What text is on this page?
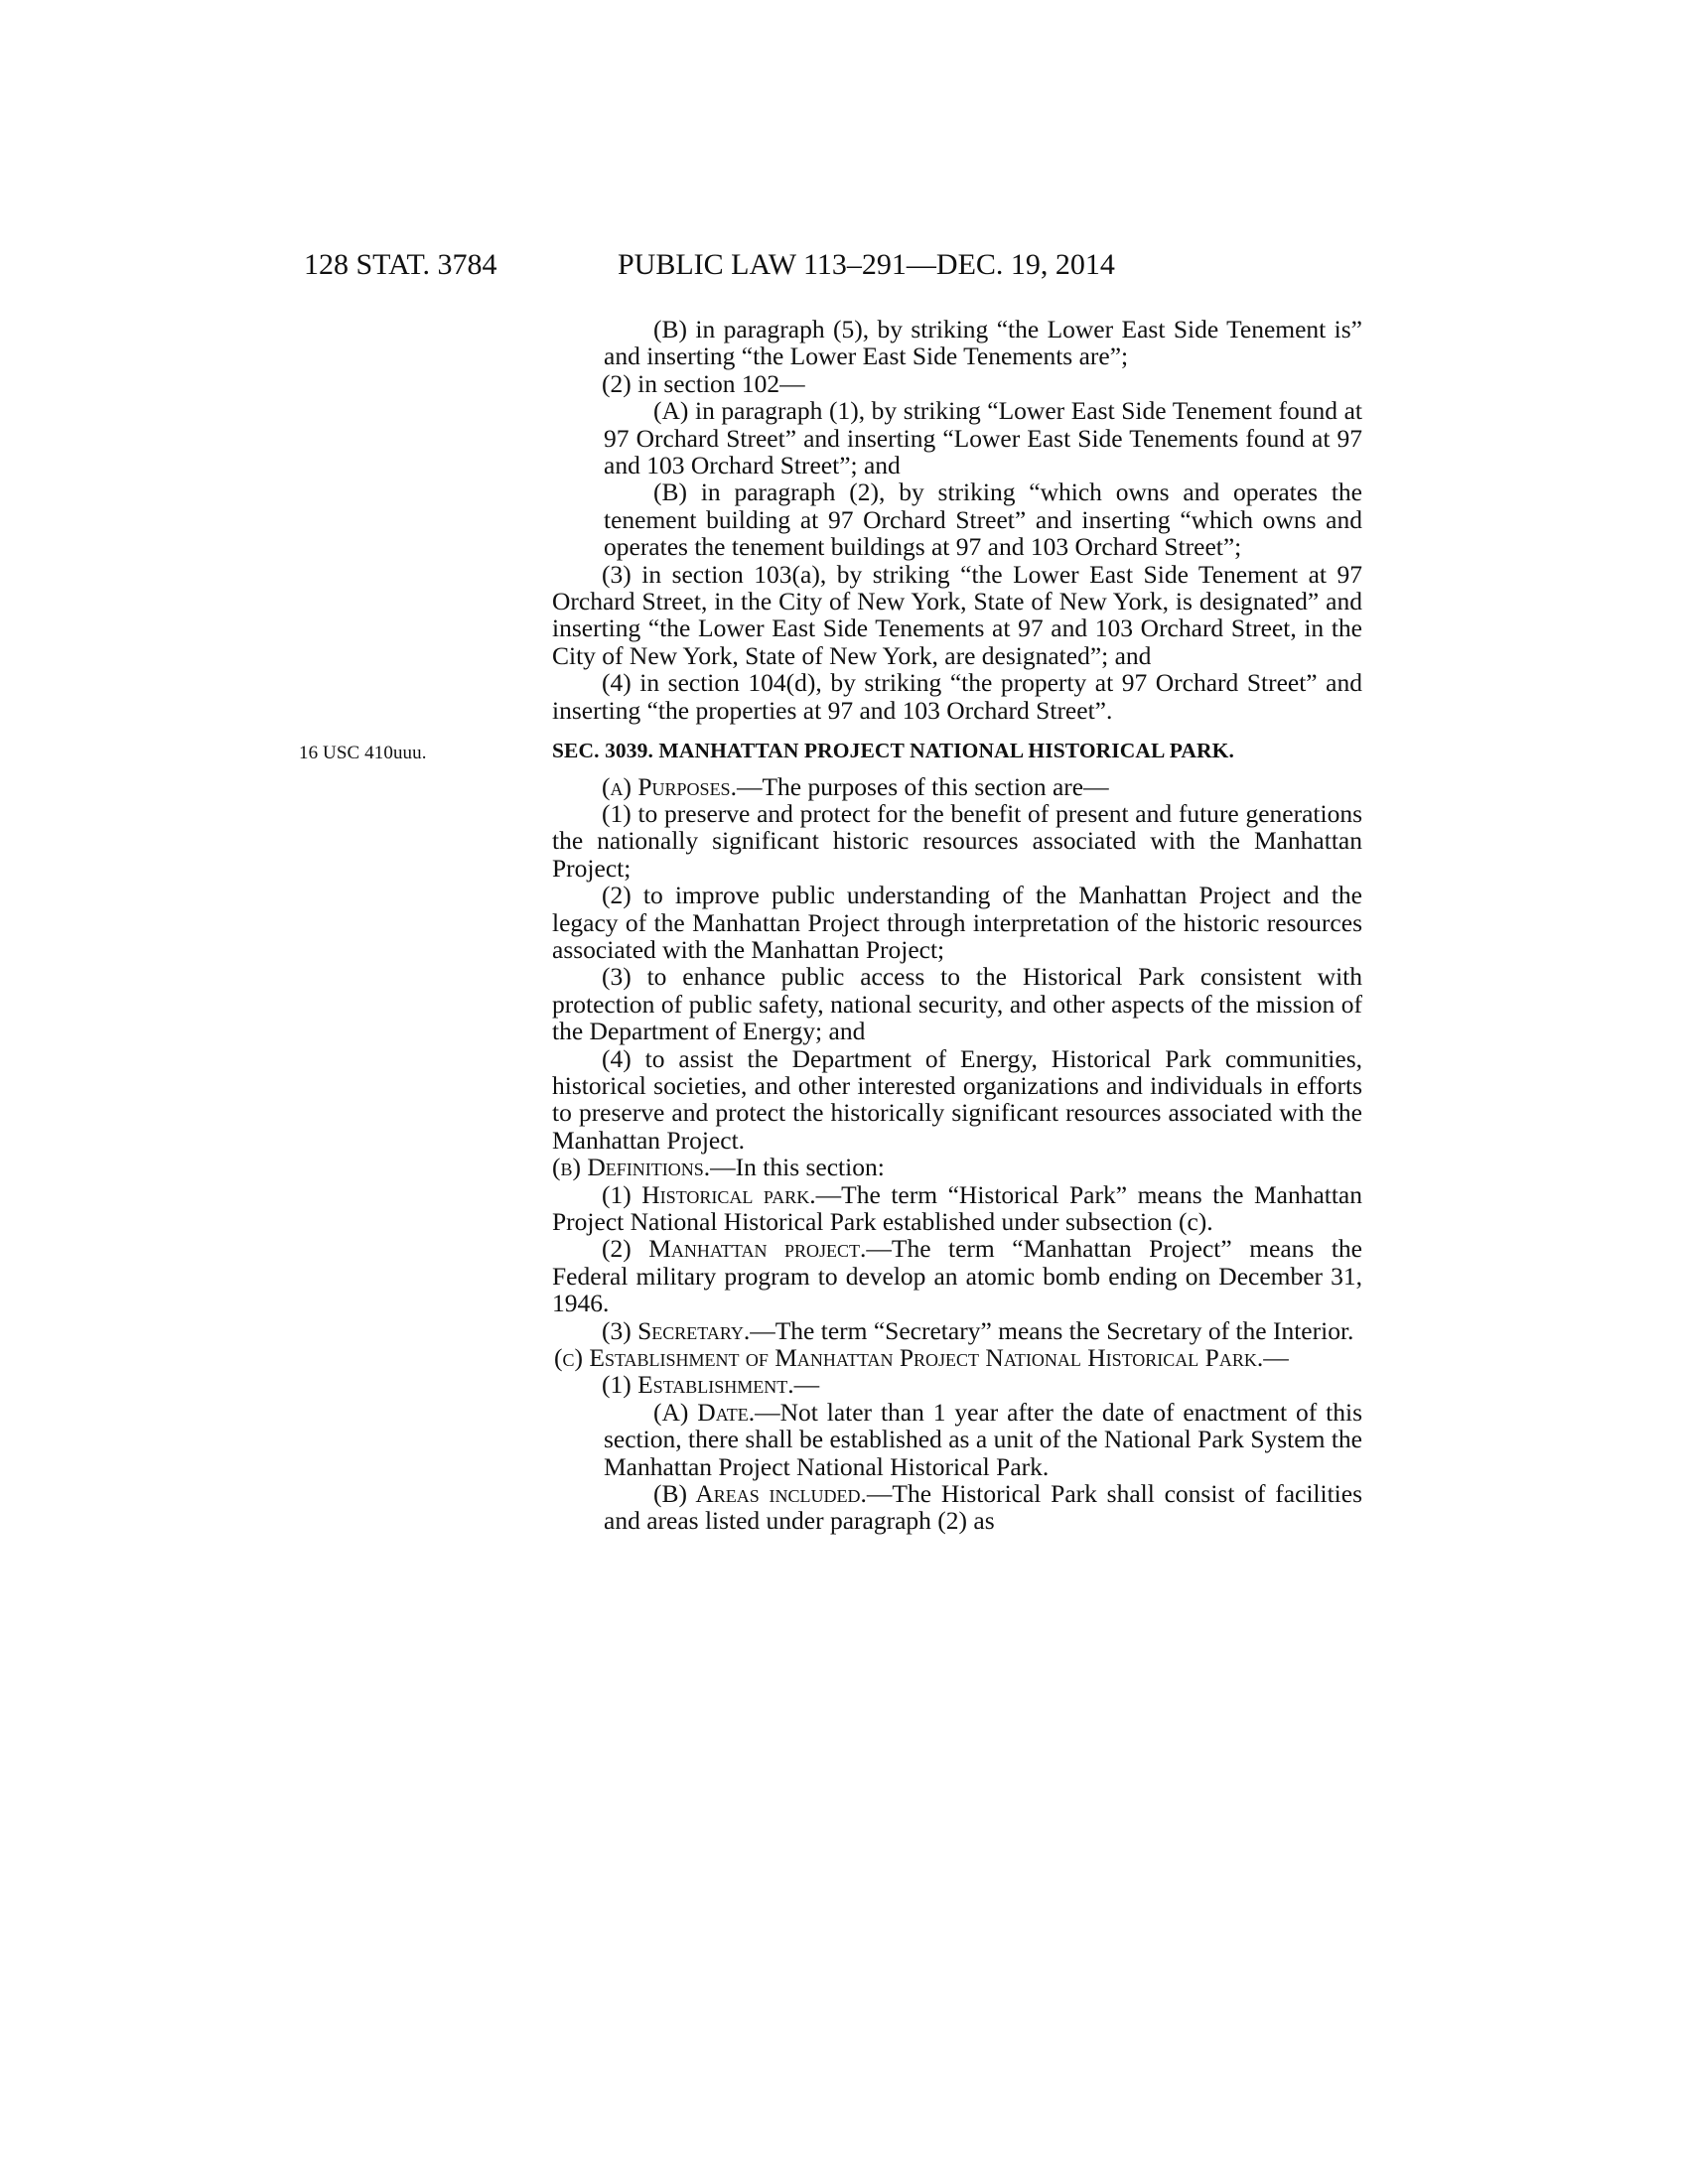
128 STAT. 3784	PUBLIC LAW 113–291—DEC. 19, 2014

(B) in paragraph (5), by striking “the Lower East Side Tenement is” and inserting “the Lower East Side Tenements are”;

(2) in section 102—

(A) in paragraph (1), by striking “Lower East Side Tenement found at 97 Orchard Street” and inserting “Lower East Side Tenements found at 97 and 103 Orchard Street”; and

(B) in paragraph (2), by striking “which owns and operates the tenement building at 97 Orchard Street” and inserting “which owns and operates the tenement buildings at 97 and 103 Orchard Street”;

(3) in section 103(a), by striking “the Lower East Side Tenement at 97 Orchard Street, in the City of New York, State of New York, is designated” and inserting “the Lower East Side Tenements at 97 and 103 Orchard Street, in the City of New York, State of New York, are designated”; and

(4) in section 104(d), by striking “the property at 97 Orchard Street” and inserting “the properties at 97 and 103 Orchard Street”.

16 USC 410uuu.	SEC. 3039. MANHATTAN PROJECT NATIONAL HISTORICAL PARK.

(a) Purposes.—The purposes of this section are—

(1) to preserve and protect for the benefit of present and future generations the nationally significant historic resources associated with the Manhattan Project;

(2) to improve public understanding of the Manhattan Project and the legacy of the Manhattan Project through interpretation of the historic resources associated with the Manhattan Project;

(3) to enhance public access to the Historical Park consistent with protection of public safety, national security, and other aspects of the mission of the Department of Energy; and

(4) to assist the Department of Energy, Historical Park communities, historical societies, and other interested organizations and individuals in efforts to preserve and protect the historically significant resources associated with the Manhattan Project.

(b) Definitions.—In this section:

(1) Historical park.—The term “Historical Park” means the Manhattan Project National Historical Park established under subsection (c).

(2) Manhattan project.—The term “Manhattan Project” means the Federal military program to develop an atomic bomb ending on December 31, 1946.

(3) Secretary.—The term “Secretary” means the Secretary of the Interior.

(c) Establishment of Manhattan Project National Historical Park.—

(1) Establishment.—

(A) Date.—Not later than 1 year after the date of enactment of this section, there shall be established as a unit of the National Park System the Manhattan Project National Historical Park.

(B) Areas included.—The Historical Park shall consist of facilities and areas listed under paragraph (2) as
